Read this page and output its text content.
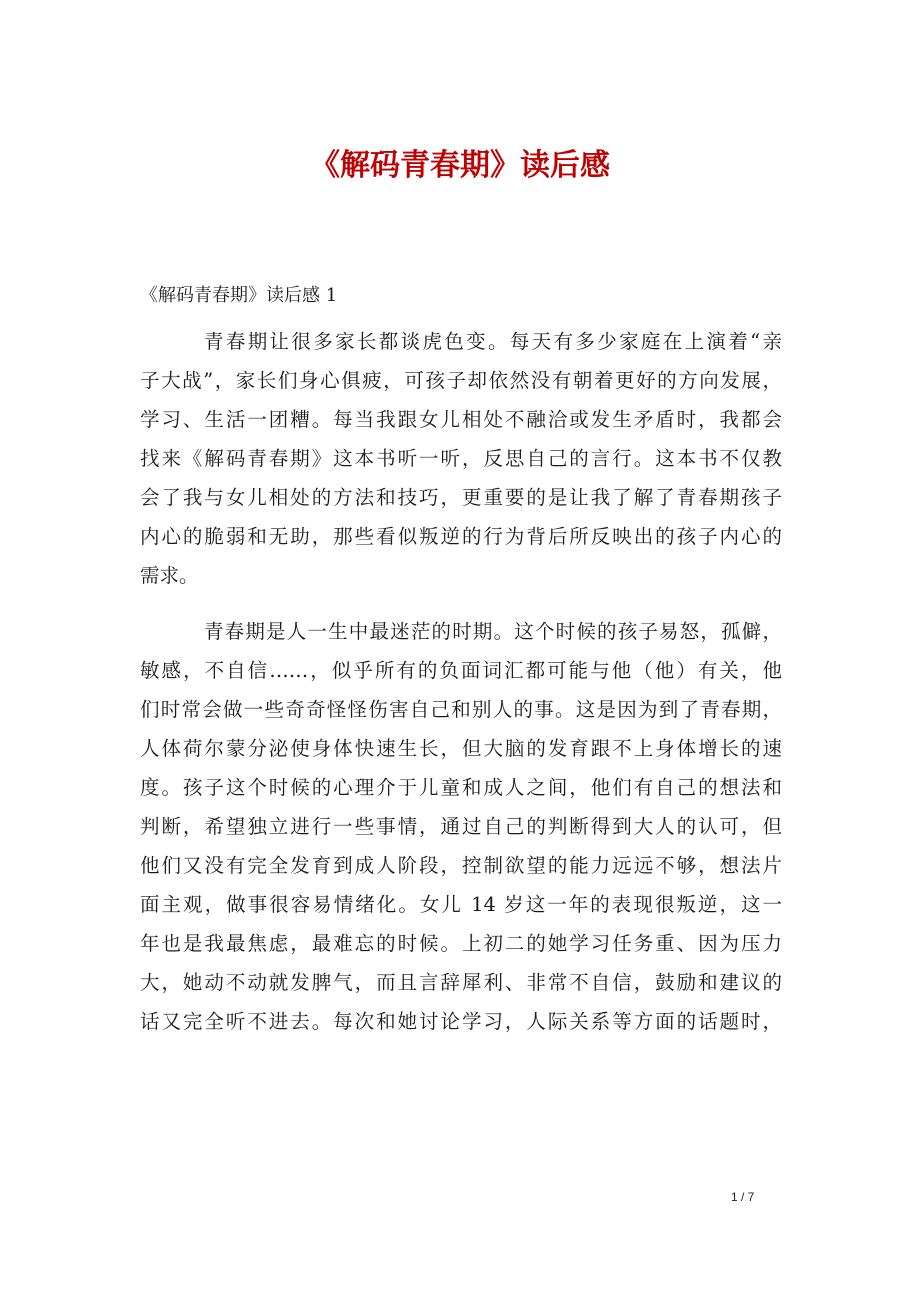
《解码青春期》读后感

《解码青春期》读后感 1

青春期让很多家长都谈虎色变。每天有多少家庭在上演着“亲
子大战”，家长们身心俱疲，可孩子却依然没有朝着更好的方向发展，
学习、生活一团糟。每当我跟女儿相处不融洽或发生矛盾时，我都会
找来《解码青春期》这本书听一听，反思自己的言行。这本书不仅教
会了我与女儿相处的方法和技巧，更重要的是让我了解了青春期孩子
内心的脆弱和无助，那些看似叛逆的行为背后所反映出的孩子内心的
需求。
青春期是人一生中最迷茫的时期。这个时候的孩子易怒，孤僻，
敏感，不自信……，似乎所有的负面词汇都可能与他（他）有关，他
们时常会做一些奇奇怪怪伤害自己和别人的事。这是因为到了青春期，
人体荷尔蒙分泌使身体快速生长，但大脑的发育跟不上身体增长的速
度。孩子这个时候的心理介于儿童和成人之间，他们有自己的想法和
判断，希望独立进行一些事情，通过自己的判断得到大人的认可，但
他们又没有完全发育到成人阶段，控制欲望的能力远远不够，想法片
面主观，做事很容易情绪化。女儿 14 岁这一年的表现很叛逆，这一
年也是我最焦虑，最难忘的时候。上初二的她学习任务重、因为压力
大，她动不动就发脾气，而且言辞犀利、非常不自信，鼓励和建议的
话又完全听不进去。每次和她讨论学习，人际关系等方面的话题时，

1 / 7
